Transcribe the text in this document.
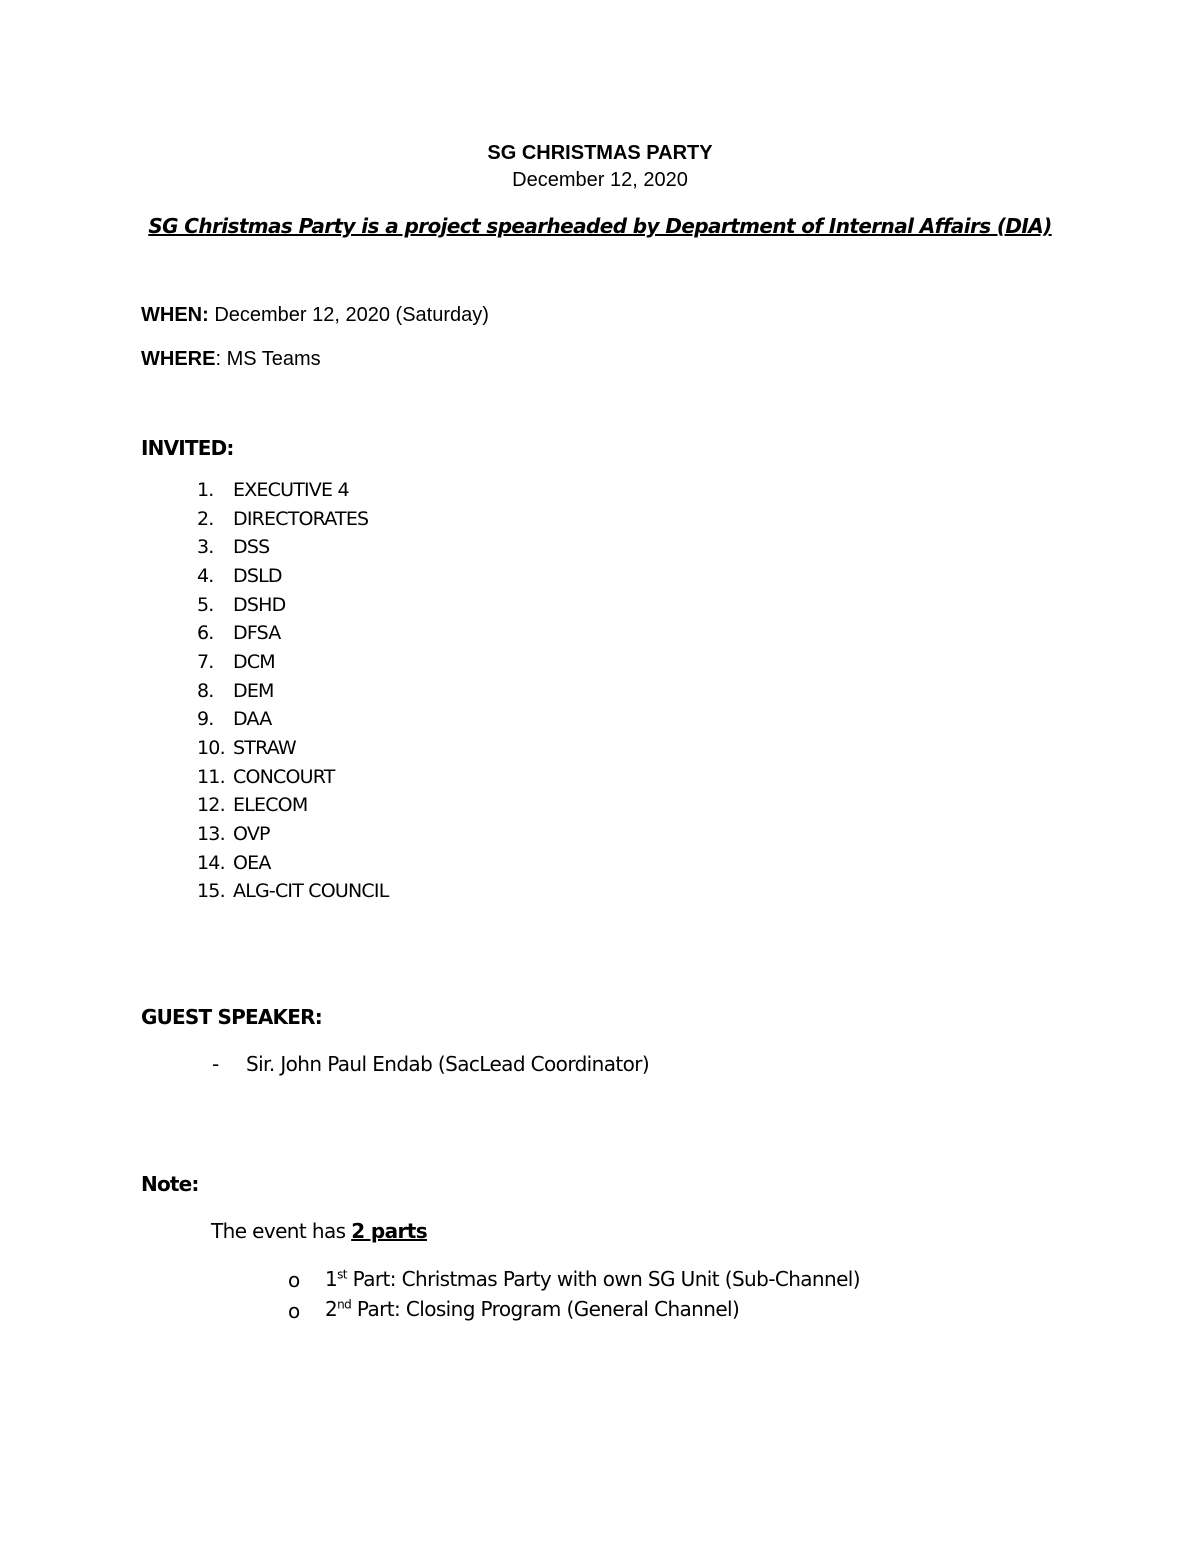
SG CHRISTMAS PARTY
December 12, 2020
SG Christmas Party is a project spearheaded by Department of Internal Affairs (DIA)
WHEN: December 12, 2020 (Saturday)
WHERE: MS Teams
INVITED:
1. EXECUTIVE 4
2. DIRECTORATES
3. DSS
4. DSLD
5. DSHD
6. DFSA
7. DCM
8. DEM
9. DAA
10. STRAW
11. CONCOURT
12. ELECOM
13. OVP
14. OEA
15. ALG-CIT COUNCIL
GUEST SPEAKER:
- Sir. John Paul Endab (SacLead Coordinator)
Note:
The event has 2 parts
o 1st Part: Christmas Party with own SG Unit (Sub-Channel)
o 2nd Part: Closing Program (General Channel)
